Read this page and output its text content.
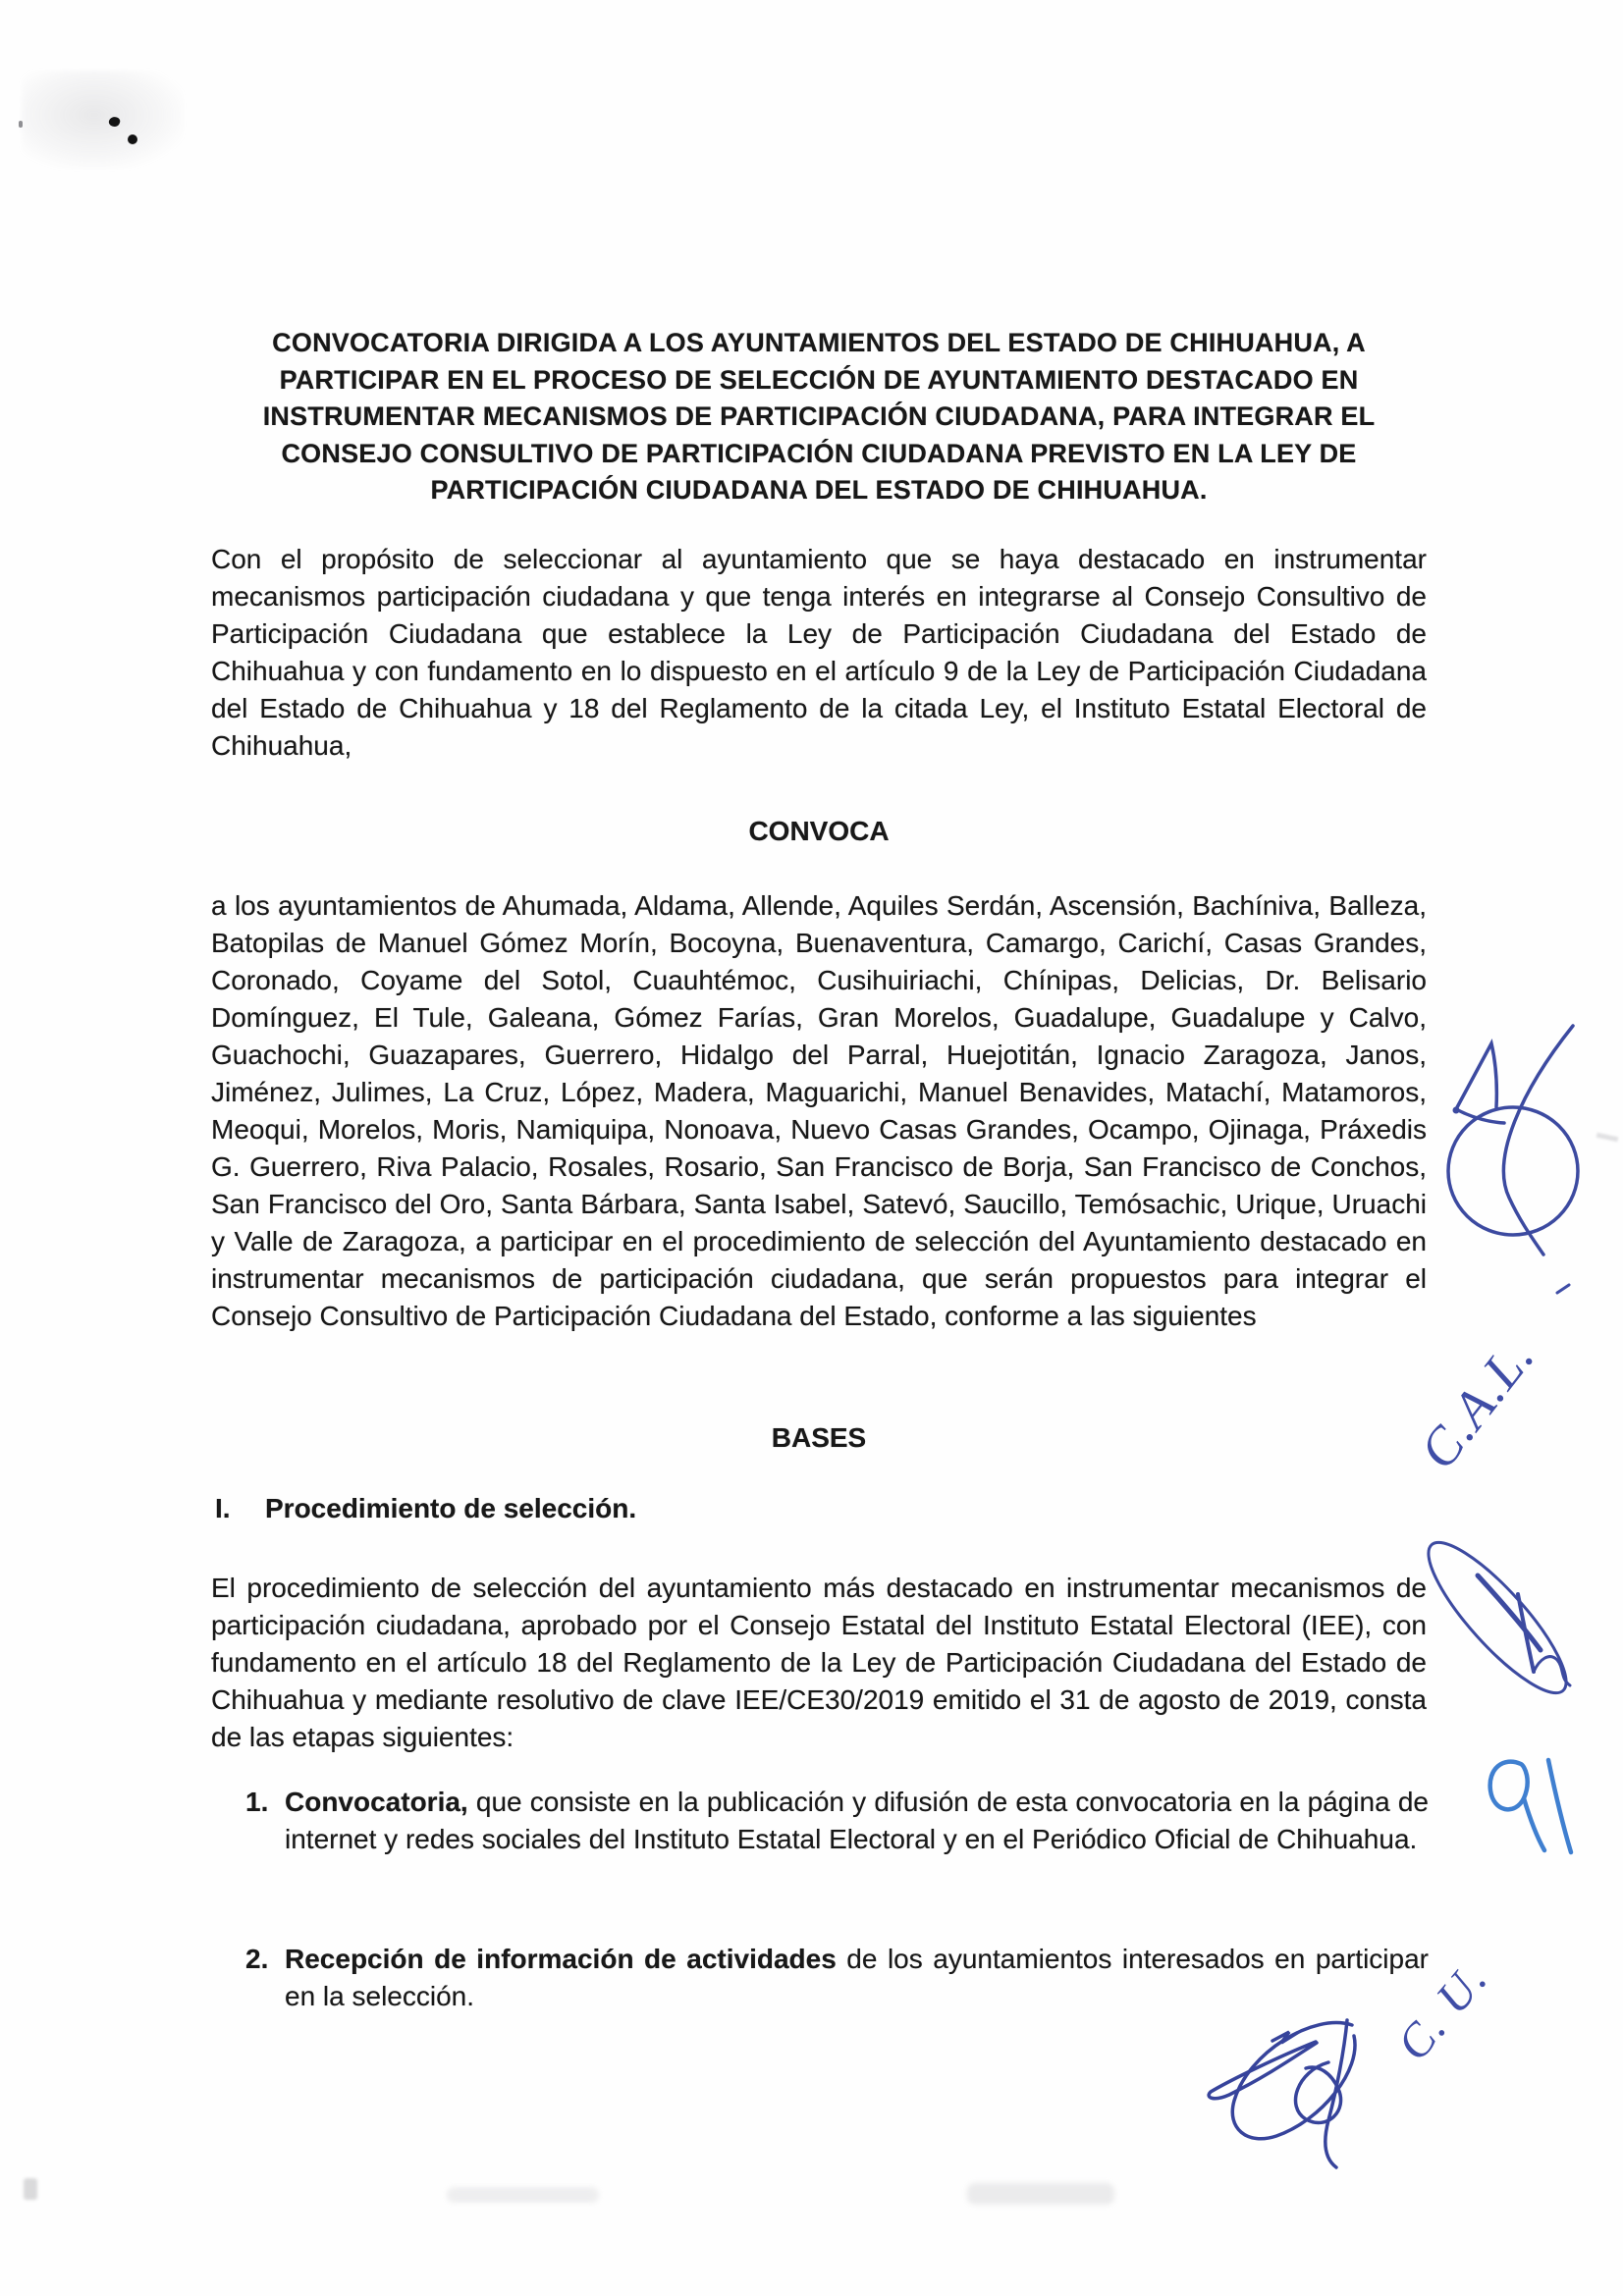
CONVOCATORIA DIRIGIDA A LOS AYUNTAMIENTOS DEL ESTADO DE CHIHUAHUA, A
PARTICIPAR EN EL PROCESO DE SELECCIÓN DE AYUNTAMIENTO DESTACADO EN
INSTRUMENTAR MECANISMOS DE PARTICIPACIÓN CIUDADANA, PARA INTEGRAR EL
CONSEJO CONSULTIVO DE PARTICIPACIÓN CIUDADANA PREVISTO EN LA LEY DE
PARTICIPACIÓN CIUDADANA DEL ESTADO DE CHIHUAHUA.
Con el propósito de seleccionar al ayuntamiento que se haya destacado en instrumentar mecanismos participación ciudadana y que tenga interés en integrarse al Consejo Consultivo de Participación Ciudadana que establece la Ley de Participación Ciudadana del Estado de Chihuahua y con fundamento en lo dispuesto en el artículo 9 de la Ley de Participación Ciudadana del Estado de Chihuahua y 18 del Reglamento de la citada Ley, el Instituto Estatal Electoral de Chihuahua,
CONVOCA
a los ayuntamientos de Ahumada, Aldama, Allende, Aquiles Serdán, Ascensión, Bachíniva, Balleza, Batopilas de Manuel Gómez Morín, Bocoyna, Buenaventura, Camargo, Carichí, Casas Grandes, Coronado, Coyame del Sotol, Cuauhtémoc, Cusihuiriachi, Chínipas, Delicias, Dr. Belisario Domínguez, El Tule, Galeana, Gómez Farías, Gran Morelos, Guadalupe, Guadalupe y Calvo, Guachochi, Guazapares, Guerrero, Hidalgo del Parral, Huejotitán, Ignacio Zaragoza, Janos, Jiménez, Julimes, La Cruz, López, Madera, Maguarichi, Manuel Benavides, Matachí, Matamoros, Meoqui, Morelos, Moris, Namiquipa, Nonoava, Nuevo Casas Grandes, Ocampo, Ojinaga, Práxedis G. Guerrero, Riva Palacio, Rosales, Rosario, San Francisco de Borja, San Francisco de Conchos, San Francisco del Oro, Santa Bárbara, Santa Isabel, Satevó, Saucillo, Temósachic, Urique, Uruachi y Valle de Zaragoza, a participar en el procedimiento de selección del Ayuntamiento destacado en instrumentar mecanismos de participación ciudadana, que serán propuestos para integrar el Consejo Consultivo de Participación Ciudadana del Estado, conforme a las siguientes
BASES
I. Procedimiento de selección.
El procedimiento de selección del ayuntamiento más destacado en instrumentar mecanismos de participación ciudadana, aprobado por el Consejo Estatal del Instituto Estatal Electoral (IEE), con fundamento en el artículo 18 del Reglamento de la Ley de Participación Ciudadana del Estado de Chihuahua y mediante resolutivo de clave IEE/CE30/2019 emitido el 31 de agosto de 2019, consta de las etapas siguientes:
1. Convocatoria, que consiste en la publicación y difusión de esta convocatoria en la página de internet y redes sociales del Instituto Estatal Electoral y en el Periódico Oficial de Chihuahua.
2. Recepción de información de actividades de los ayuntamientos interesados en participar en la selección.
C.A.L.
C. U.
